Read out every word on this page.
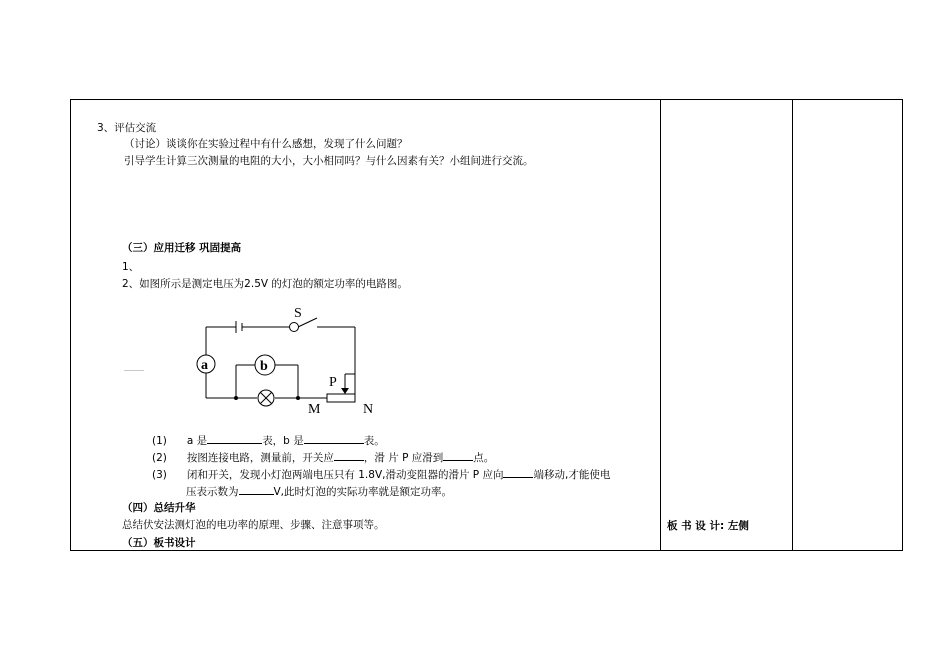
3、评估交流
（讨论）谈谈你在实验过程中有什么感想，发现了什么问题？
引导学生计算三次测量的电阻的大小，大小相同吗？与什么因素有关？小组间进行交流。
（三）应用迁移 巩固提高
1、
2、如图所示是测定电压为2.5V 的灯泡的额定功率的电路图。
S
a	b
P
M	N
(1) a 是	表，b 是	表。
(2) 按图连接电路，测量前，开关应	，滑 片 P 应滑到	点。
(3) 闭和开关，发现小灯泡两端电压只有 1.8V,滑动变阻器的滑片 P 应向	端移动,才能使电
压表示数为	V,此时灯泡的实际功率就是额定功率。
（四）总结升华
总结伏安法测灯泡的电功率的原理、步骤、注意事项等。
（五）板书设计
板 书 设 计: 左侧
